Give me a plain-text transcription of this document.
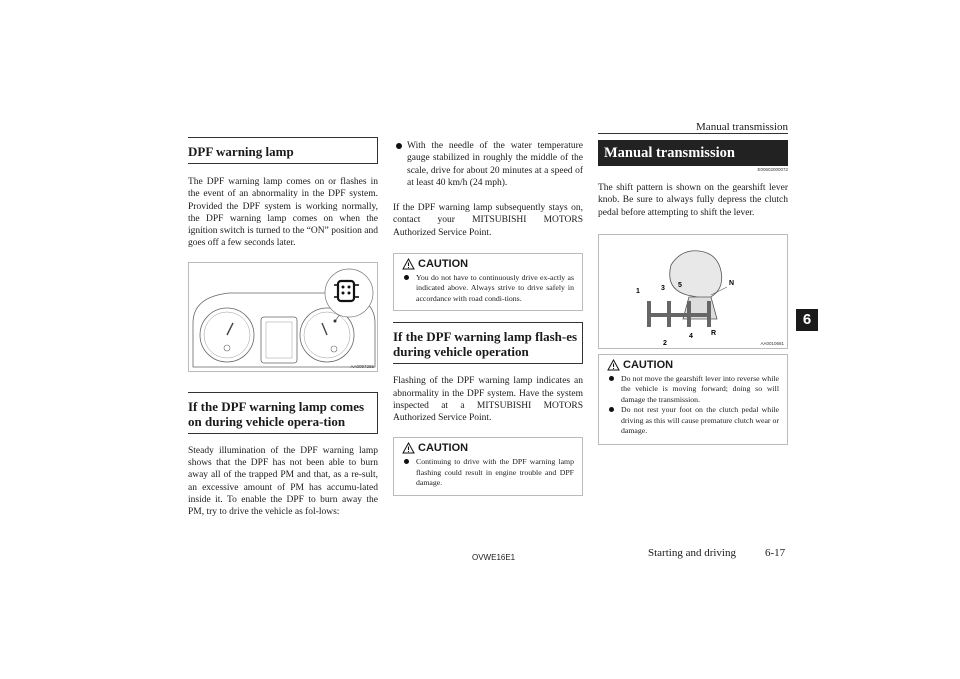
Manual transmission
6
DPF warning lamp

The DPF warning lamp comes on or flashes in the event of an abnormality in the DPF system. Provided the DPF system is working normally, the DPF warning lamp comes on when the ignition switch is turned to the “ON” position and goes off a few seconds later.

AA0097265
If the DPF warning lamp comes on during vehicle opera-tion

Steady illumination of the DPF warning lamp shows that the DPF has not been able to burn away all of the trapped PM and that, as a re-sult, an excessive amount of PM has accumu-lated inside it. To enable the DPF to burn away the PM, try to drive the vehicle as fol-lows:

With the needle of the water temperature gauge stabilized in roughly the middle of the scale, drive for about 20 minutes at a speed of at least 40 km/h (24 mph).

If the DPF warning lamp subsequently stays on, contact your MITSUBISHI MOTORS Authorized Service Point.

CAUTION
You do not have to continuously drive ex-actly as indicated above. Always strive to drive safely in accordance with road condi-tions.
If the DPF warning lamp flash-es during vehicle operation

Flashing of the DPF warning lamp indicates an abnormality in the DPF system. Have the system inspected at a MITSUBISHI MOTORS Authorized Service Point.

CAUTION
Continuing to drive with the DPF warning lamp flashing could result in engine trouble and DPF damage.
Manual transmission
E00602000072

The shift pattern is shown on the gearshift lever knob. Be sure to always fully depress the clutch pedal before attempting to shift the lever.

1	3 5	N
2
4	R
AA0010681
CAUTION
Do not move the gearshift lever into reverse while the vehicle is moving forward; doing so will damage the transmission.
Do not rest your foot on the clutch pedal while driving as this will cause premature clutch wear or damage.
OVWE16E1	Starting and driving	6-17
